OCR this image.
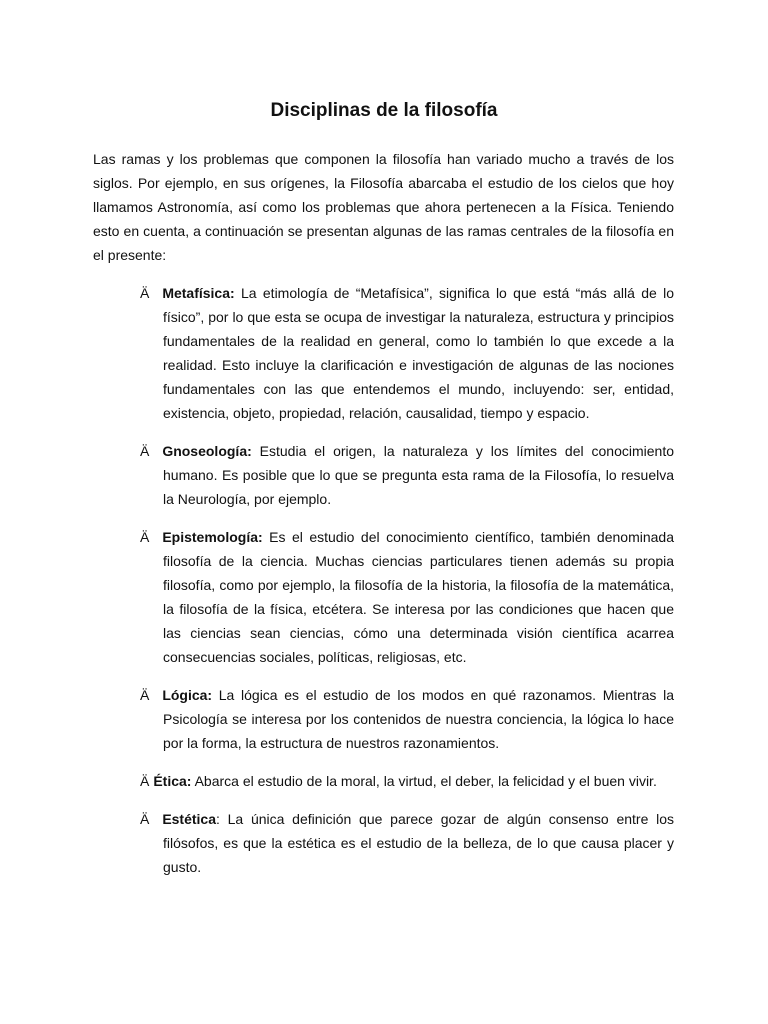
Disciplinas de la filosofía

Las ramas y los problemas que componen la filosofía han variado mucho a través de los siglos. Por ejemplo, en sus orígenes, la Filosofía abarcaba el estudio de los cielos que hoy llamamos Astronomía, así como los problemas que ahora pertenecen a la Física. Teniendo esto en cuenta, a continuación se presentan algunas de las ramas centrales de la filosofía en el presente:

Ä Metafísica: La etimología de “Metafísica”, significa lo que está “más allá de lo físico”, por lo que esta se ocupa de investigar la naturaleza, estructura y principios fundamentales de la realidad en general, como lo también lo que excede a la realidad. Esto incluye la clarificación e investigación de algunas de las nociones fundamentales con las que entendemos el mundo, incluyendo: ser, entidad, existencia, objeto, propiedad, relación, causalidad, tiempo y espacio.
Ä Gnoseología: Estudia el origen, la naturaleza y los límites del conocimiento humano. Es posible que lo que se pregunta esta rama de la Filosofía, lo resuelva la Neurología, por ejemplo.
Ä Epistemología: Es el estudio del conocimiento científico, también denominada filosofía de la ciencia. Muchas ciencias particulares tienen además su propia filosofía, como por ejemplo, la filosofía de la historia, la filosofía de la matemática, la filosofía de la física, etcétera. Se interesa por las condiciones que hacen que las ciencias sean ciencias, cómo una determinada visión científica acarrea consecuencias sociales, políticas, religiosas, etc.
Ä Lógica: La lógica es el estudio de los modos en qué razonamos. Mientras la Psicología se interesa por los contenidos de nuestra conciencia, la lógica lo hace por la forma, la estructura de nuestros razonamientos.
Ä Ética: Abarca el estudio de la moral, la virtud, el deber, la felicidad y el buen vivir.
Ä Estética: La única definición que parece gozar de algún consenso entre los filósofos, es que la estética es el estudio de la belleza, de lo que causa placer y gusto.
